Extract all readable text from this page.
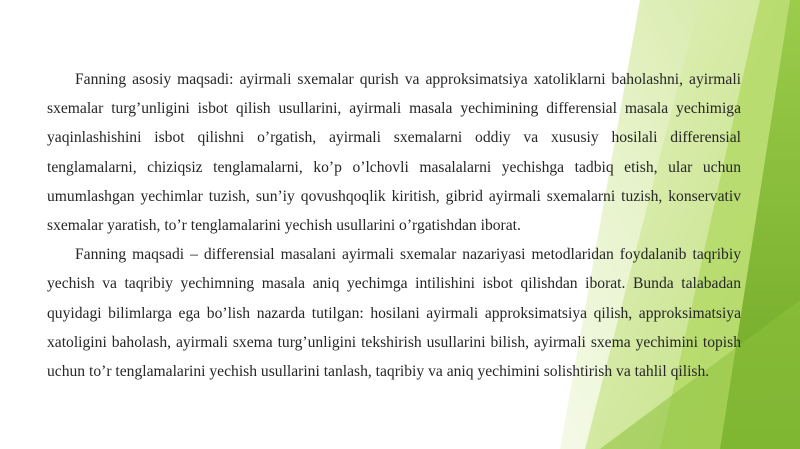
Fanning asosiy maqsadi: ayirmali sxemalar qurish va approksimatsiya xatoliklarni baholashni, ayirmali sxemalar turg’unligini isbot qilish usullarini, ayirmali masala yechimining differensial masala yechimiga yaqinlashishini isbot qilishni o’rgatish, ayirmali sxemalarni oddiy va xususiy hosilali differensial tenglamalarni, chiziqsiz tenglamalarni, ko’p o’lchovli masalalarni yechishga tadbiq etish, ular uchun umumlashgan yechimlar tuzish, sun’iy qovushqoqlik kiritish, gibrid ayirmali sxemalarni tuzish, konservativ sxemalar yaratish, to’r tenglamalarini yechish usullarini o’rgatishdan iborat.

Fanning maqsadi – differensial masalani ayirmali sxemalar nazariyasi metodlaridan foydalanib taqribiy yechish va taqribiy yechimning masala aniq yechimga intilishini isbot qilishdan iborat. Bunda talabadan quyidagi bilimlarga ega bo’lish nazarda tutilgan: hosilani ayirmali approksimatsiya qilish, approksimatsiya xatoligini baholash, ayirmali sxema turg’unligini tekshirish usullarini bilish, ayirmali sxema yechimini topish uchun to’r tenglamalarini yechish usullarini tanlash, taqribiy va aniq yechimini solishtirish va tahlil qilish.
